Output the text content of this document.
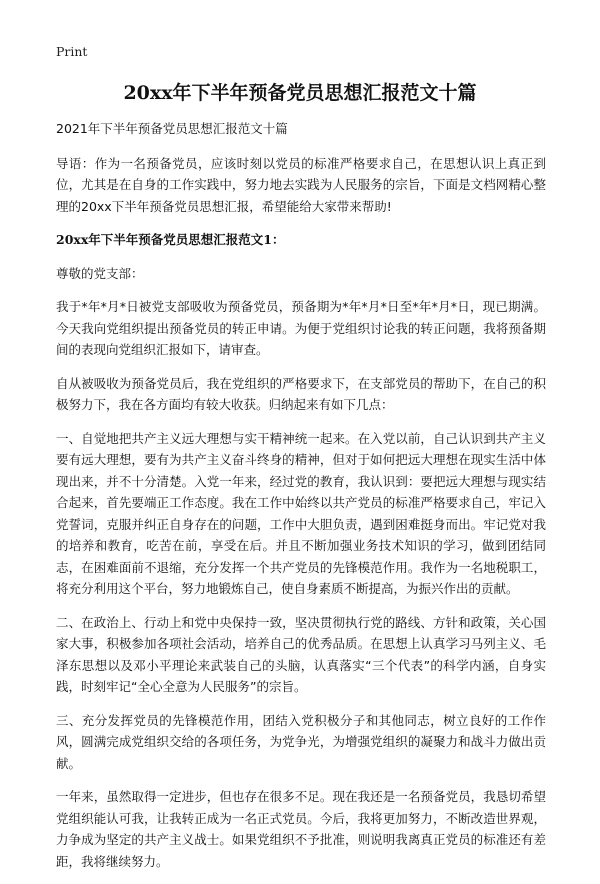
Print
20xx年下半年预备党员思想汇报范文十篇

2021年下半年预备党员思想汇报范文十篇

导语：作为一名预备党员，应该时刻以党员的标准严格要求自己，在思想认识上真正到位，尤其是在自身的工作实践中，努力地去实践为人民服务的宗旨，下面是文档网精心整理的20xx下半年预备党员思想汇报，希望能给大家带来帮助!

20xx年下半年预备党员思想汇报范文1：

尊敬的党支部：

我于*年*月*日被党支部吸收为预备党员，预备期为*年*月*日至*年*月*日，现已期满。今天我向党组织提出预备党员的转正申请。为便于党组织讨论我的转正问题，我将预备期间的表现向党组织汇报如下，请审查。

自从被吸收为预备党员后，我在党组织的严格要求下，在支部党员的帮助下，在自己的积极努力下，我在各方面均有较大收获。归纳起来有如下几点：

一、自觉地把共产主义远大理想与实干精神统一起来。在入党以前，自己认识到共产主义要有远大理想，要有为共产主义奋斗终身的精神，但对于如何把远大理想在现实生活中体现出来，并不十分清楚。入党一年来，经过党的教育，我认识到：要把远大理想与现实结合起来，首先要端正工作态度。我在工作中始终以共产党员的标准严格要求自己，牢记入党誓词，克服并纠正自身存在的问题，工作中大胆负责，遇到困难挺身而出。牢记党对我的培养和教育，吃苦在前，享受在后。并且不断加强业务技术知识的学习，做到团结同志，在困难面前不退缩，充分发挥一个共产党员的先锋模范作用。我作为一名地税职工，将充分利用这个平台，努力地锻炼自己，使自身素质不断提高，为振兴作出的贡献。

二、在政治上、行动上和党中央保持一致，坚决贯彻执行党的路线、方针和政策，关心国家大事，积极参加各项社会活动，培养自己的优秀品质。在思想上认真学习马列主义、毛泽东思想以及邓小平理论来武装自己的头脑，认真落实“三个代表”的科学内涵，自身实践，时刻牢记“全心全意为人民服务”的宗旨。

三、充分发挥党员的先锋模范作用，团结入党积极分子和其他同志，树立良好的工作作风，圆满完成党组织交给的各项任务，为党争光，为增强党组织的凝聚力和战斗力做出贡献。

一年来，虽然取得一定进步，但也存在很多不足。现在我还是一名预备党员，我恳切希望党组织能认可我，让我转正成为一名正式党员。今后，我将更加努力，不断改造世界观，力争成为坚定的共产主义战士。如果党组织不予批准，则说明我离真正党员的标准还有差距，我将继续努力。
